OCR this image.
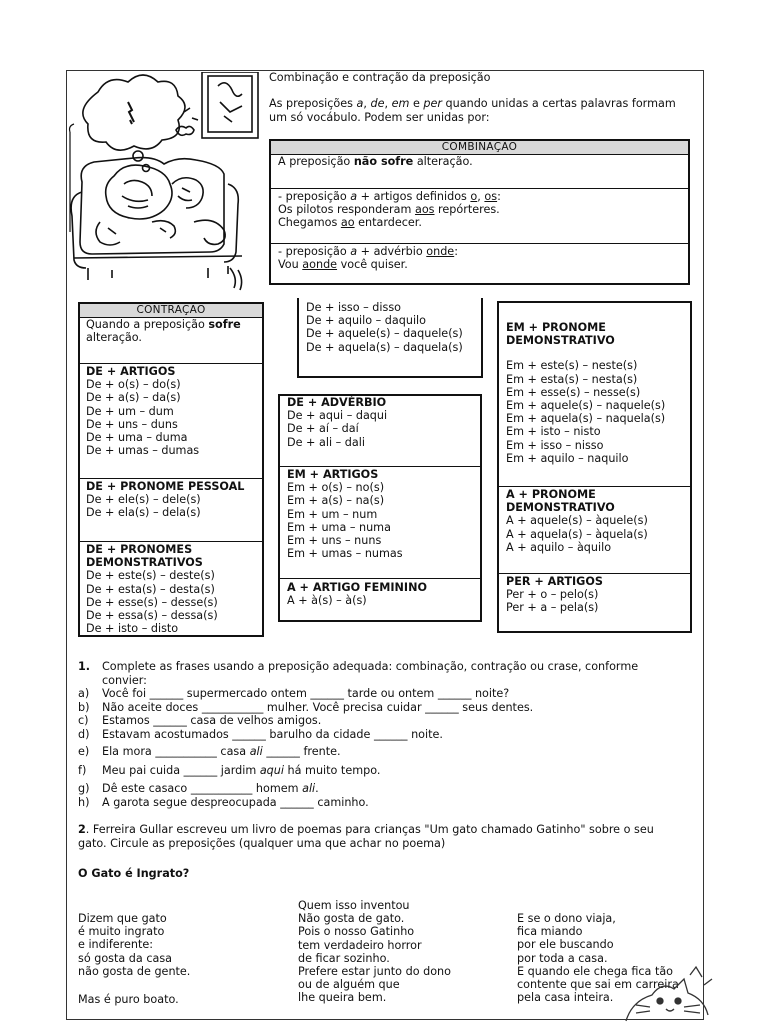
Combinação e contração da preposição
As preposições a, de, em e per quando unidas a certas palavras formam
um só vocábulo. Podem ser unidas por:
COMBINAÇÃO
A preposição não sofre alteração.
- preposição a + artigos definidos o, os:
Os pilotos responderam aos repórteres.
Chegamos ao entardecer.
- preposição a + advérbio onde:
Vou aonde você quiser.
CONTRAÇÃO
Quando a preposição sofre
alteração.
DE + ARTIGOS
De + o(s) – do(s)
De + a(s) – da(s)
De + um – dum
De + uns – duns
De + uma – duma
De + umas – dumas
DE + PRONOME PESSOAL
De + ele(s) – dele(s)
De + ela(s) – dela(s)
DE + PRONOMES
DEMONSTRATIVOS
De + este(s) – deste(s)
De + esta(s) – desta(s)
De + esse(s) – desse(s)
De + essa(s) – dessa(s)
De + isto – disto
De + isso – disso
De + aquilo – daquilo
De + aquele(s) – daquele(s)
De + aquela(s) – daquela(s)
DE + ADVÉRBIO
De + aqui – daqui
De + aí – daí
De + ali – dali
EM + ARTIGOS
Em + o(s) – no(s)
Em + a(s) – na(s)
Em + um – num
Em + uma – numa
Em + uns – nuns
Em + umas – numas
A + ARTIGO FEMININO
A + à(s) – à(s)
EM + PRONOME
DEMONSTRATIVO
Em + este(s) – neste(s)
Em + esta(s) – nesta(s)
Em + esse(s) – nesse(s)
Em + aquele(s) – naquele(s)
Em + aquela(s) – naquela(s)
Em + isto – nisto
Em + isso – nisso
Em + aquilo – naquilo
A + PRONOME
DEMONSTRATIVO
A + aquele(s) – àquele(s)
A + aquela(s) – àquela(s)
A + aquilo – àquilo
PER + ARTIGOS
Per + o – pelo(s)
Per + a – pela(s)
1. Complete as frases usando a preposição adequada: combinação, contração ou crase, conforme
convier:
a) Você foi ______ supermercado ontem ______ tarde ou ontem ______ noite?
b) Não aceite doces ___________ mulher. Você precisa cuidar ______ seus dentes.
c) Estamos ______ casa de velhos amigos.
d) Estavam acostumados ______ barulho da cidade ______ noite.
e) Ela mora ___________ casa ali ______ frente.
f) Meu pai cuida ______ jardim aqui há muito tempo.
g) Dê este casaco ___________ homem ali.
h) A garota segue despreocupada ______ caminho.
2. Ferreira Gullar escreveu um livro de poemas para crianças "Um gato chamado Gatinho" sobre o seu
gato. Circule as preposições (qualquer uma que achar no poema)
O Gato é Ingrato?
Dizem que gato
é muito ingrato
e indiferente:
só gosta da casa
não gosta de gente.
Mas é puro boato.
Quem isso inventou
Não gosta de gato.
Pois o nosso Gatinho
tem verdadeiro horror
de ficar sozinho.
Prefere estar junto do dono
ou de alguém que
lhe queira bem.
E se o dono viaja,
fica miando
por ele buscando
por toda a casa.
E quando ele chega fica tão
contente que sai em carreira
pela casa inteira.
